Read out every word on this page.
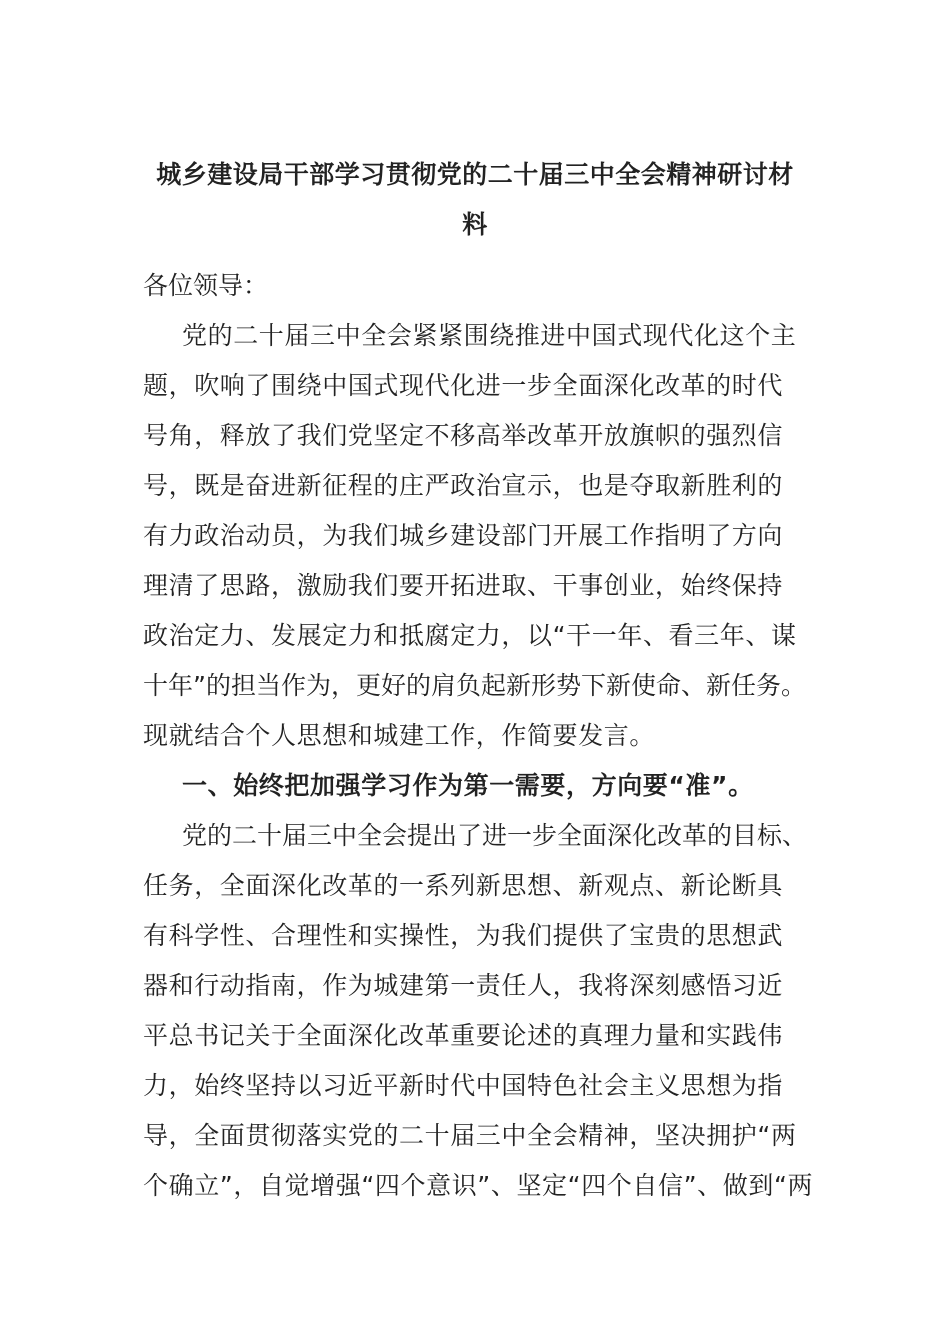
城乡建设局干部学习贯彻党的二十届三中全会精神研讨材
料
各位领导：
党的二十届三中全会紧紧围绕推进中国式现代化这个主
题，吹响了围绕中国式现代化进一步全面深化改革的时代
号角，释放了我们党坚定不移高举改革开放旗帜的强烈信
号，既是奋进新征程的庄严政治宣示，也是夺取新胜利的
有力政治动员，为我们城乡建设部门开展工作指明了方向
理清了思路，激励我们要开拓进取、干事创业，始终保持
政治定力、发展定力和抵腐定力，以“干一年、看三年、谋
十年”的担当作为，更好的肩负起新形势下新使命、新任务。
现就结合个人思想和城建工作，作简要发言。
一、始终把加强学习作为第一需要，方向要“准”。
党的二十届三中全会提出了进一步全面深化改革的目标、
任务，全面深化改革的一系列新思想、新观点、新论断具
有科学性、合理性和实操性，为我们提供了宝贵的思想武
器和行动指南，作为城建第一责任人，我将深刻感悟习近
平总书记关于全面深化改革重要论述的真理力量和实践伟
力，始终坚持以习近平新时代中国特色社会主义思想为指
导，全面贯彻落实党的二十届三中全会精神，坚决拥护“两
个确立”，自觉增强“四个意识”、坚定“四个自信”、做到“两
